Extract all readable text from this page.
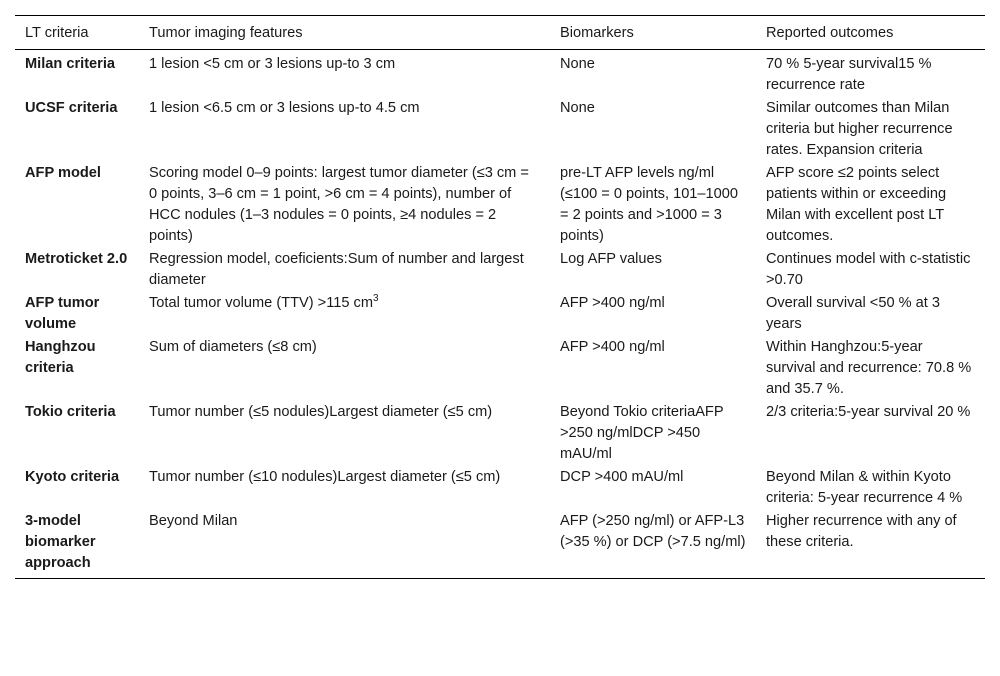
LT criteria	Tumor imaging features	Biomarkers	Reported outcomes
Milan criteria	1 lesion <5 cm or 3 lesions up-to 3 cm	None	70 % 5-year survival15 % recurrence rate
UCSF criteria	1 lesion <6.5 cm or 3 lesions up-to 4.5 cm	None	Similar outcomes than Milan criteria but higher recurrence rates. Expansion criteria
AFP model	Scoring model 0–9 points: largest tumor diameter (≤3 cm = 0 points, 3–6 cm = 1 point, >6 cm = 4 points), number of HCC nodules (1–3 nodules = 0 points, ≥4 nodules = 2 points)	pre-LT AFP levels ng/ml (≤100 = 0 points, 101–1000 = 2 points and >1000 = 3 points)	AFP score ≤2 points select patients within or exceeding Milan with excellent post LT outcomes.
Metroticket 2.0	Regression model, coeficients:Sum of number and largest diameter	Log AFP values	Continues model with c-statistic >0.70
AFP tumor volume	Total tumor volume (TTV) >115 $cm^3$	AFP >400 ng/ml	Overall survival <50 % at 3 years
Hanghzou criteria	Sum of diameters (≤8 cm)	AFP >400 ng/ml	Within Hanghzou:5-year survival and recurrence: 70.8 % and 35.7 %.
Tokio criteria	Tumor number (≤5 nodules)Largest diameter (≤5 cm)	Beyond Tokio criteriaAFP >250 ng/mlDCP >450 mAU/ml	2/3 criteria:5-year survival 20 %
Kyoto criteria	Tumor number (≤10 nodules)Largest diameter (≤5 cm)	DCP >400 mAU/ml	Beyond Milan & within Kyoto criteria: 5-year recurrence 4 %
3-model biomarker approach	Beyond Milan	AFP (>250 ng/ml) or AFP-L3 (>35 %) or DCP (>7.5 ng/ml)	Higher recurrence with any of these criteria.
